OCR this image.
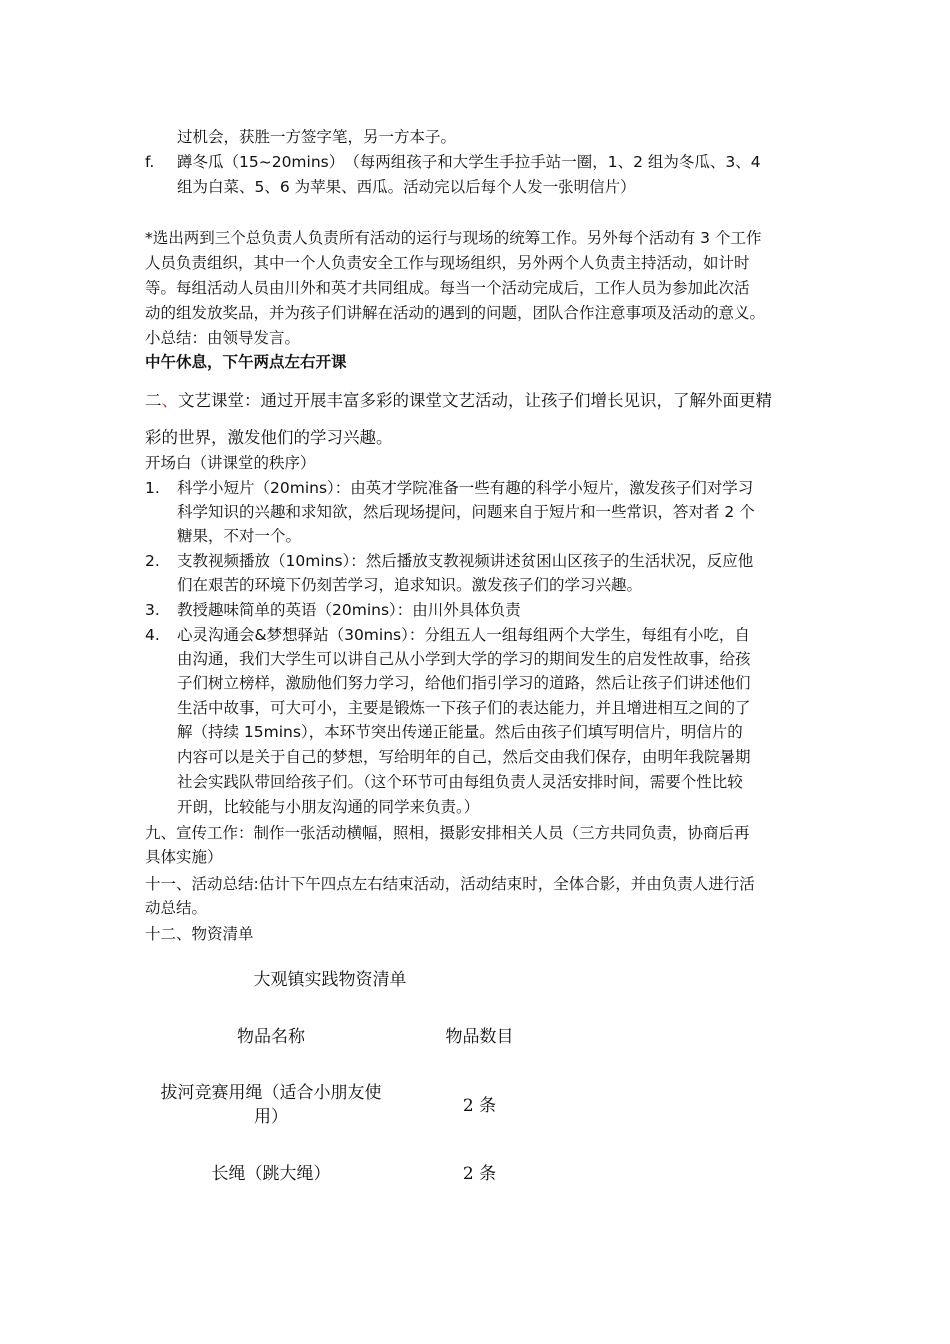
过机会，获胜一方签字笔，另一方本子。
f. 蹲冬瓜（15~20mins）　（每两组孩子和大学生手拉手站一圈，1、2 组为冬瓜、3、4
组为白菜、5、6 为苹果、西瓜。活动完以后每个人发一张明信片）
*选出两到三个总负责人负责所有活动的运行与现场的统筹工作。另外每个活动有 3 个工作
人员负责组织，其中一个人负责安全工作与现场组织，另外两个人负责主持活动，如计时
等。每组活动人员由川外和英才共同组成。每当一个活动完成后，工作人员为参加此次活
动的组发放奖品，并为孩子们讲解在活动的遇到的问题，团队合作注意事项及活动的意义。
小总结：由领导发言。
中午休息，下午两点左右开课
二、文艺课堂：通过开展丰富多彩的课堂文艺活动，让孩子们增长见识，了解外面更精
彩的世界，激发他们的学习兴趣。
开场白（讲课堂的秩序）
1. 科学小短片（20mins）：由英才学院准备一些有趣的科学小短片，激发孩子们对学习
科学知识的兴趣和求知欲，然后现场提问，问题来自于短片和一些常识，答对者 2 个
糖果，不对一个。
2. 支教视频播放（10mins）：然后播放支教视频讲述贫困山区孩子的生活状况，反应他
们在艰苦的环境下仍刻苦学习，追求知识。激发孩子们的学习兴趣。
3. 教授趣味简单的英语（20mins）：由川外具体负责
4. 心灵沟通会&梦想驿站（30mins）：分组五人一组每组两个大学生，每组有小吃，自
由沟通，我们大学生可以讲自己从小学到大学的学习的期间发生的启发性故事，给孩
子们树立榜样，激励他们努力学习，给他们指引学习的道路，然后让孩子们讲述他们
生活中故事，可大可小，主要是锻炼一下孩子们的表达能力，并且增进相互之间的了
解（持续 15mins），本环节突出传递正能量。然后由孩子们填写明信片，明信片的
内容可以是关于自己的梦想，写给明年的自己，然后交由我们保存，由明年我院暑期
社会实践队带回给孩子们。（这个环节可由每组负责人灵活安排时间，需要个性比较
开朗，比较能与小朋友沟通的同学来负责。）
九、宣传工作：制作一张活动横幅，照相，摄影安排相关人员（三方共同负责，协商后再
具体实施）
十一、活动总结:估计下午四点左右结束活动，活动结束时，全体合影，并由负责人进行活
动总结。
十二、物资清单
大观镇实践物资清单
物品名称	物品数目
拔河竞赛用绳（适合小朋友使
用）
2 条
长绳（跳大绳）	2 条
